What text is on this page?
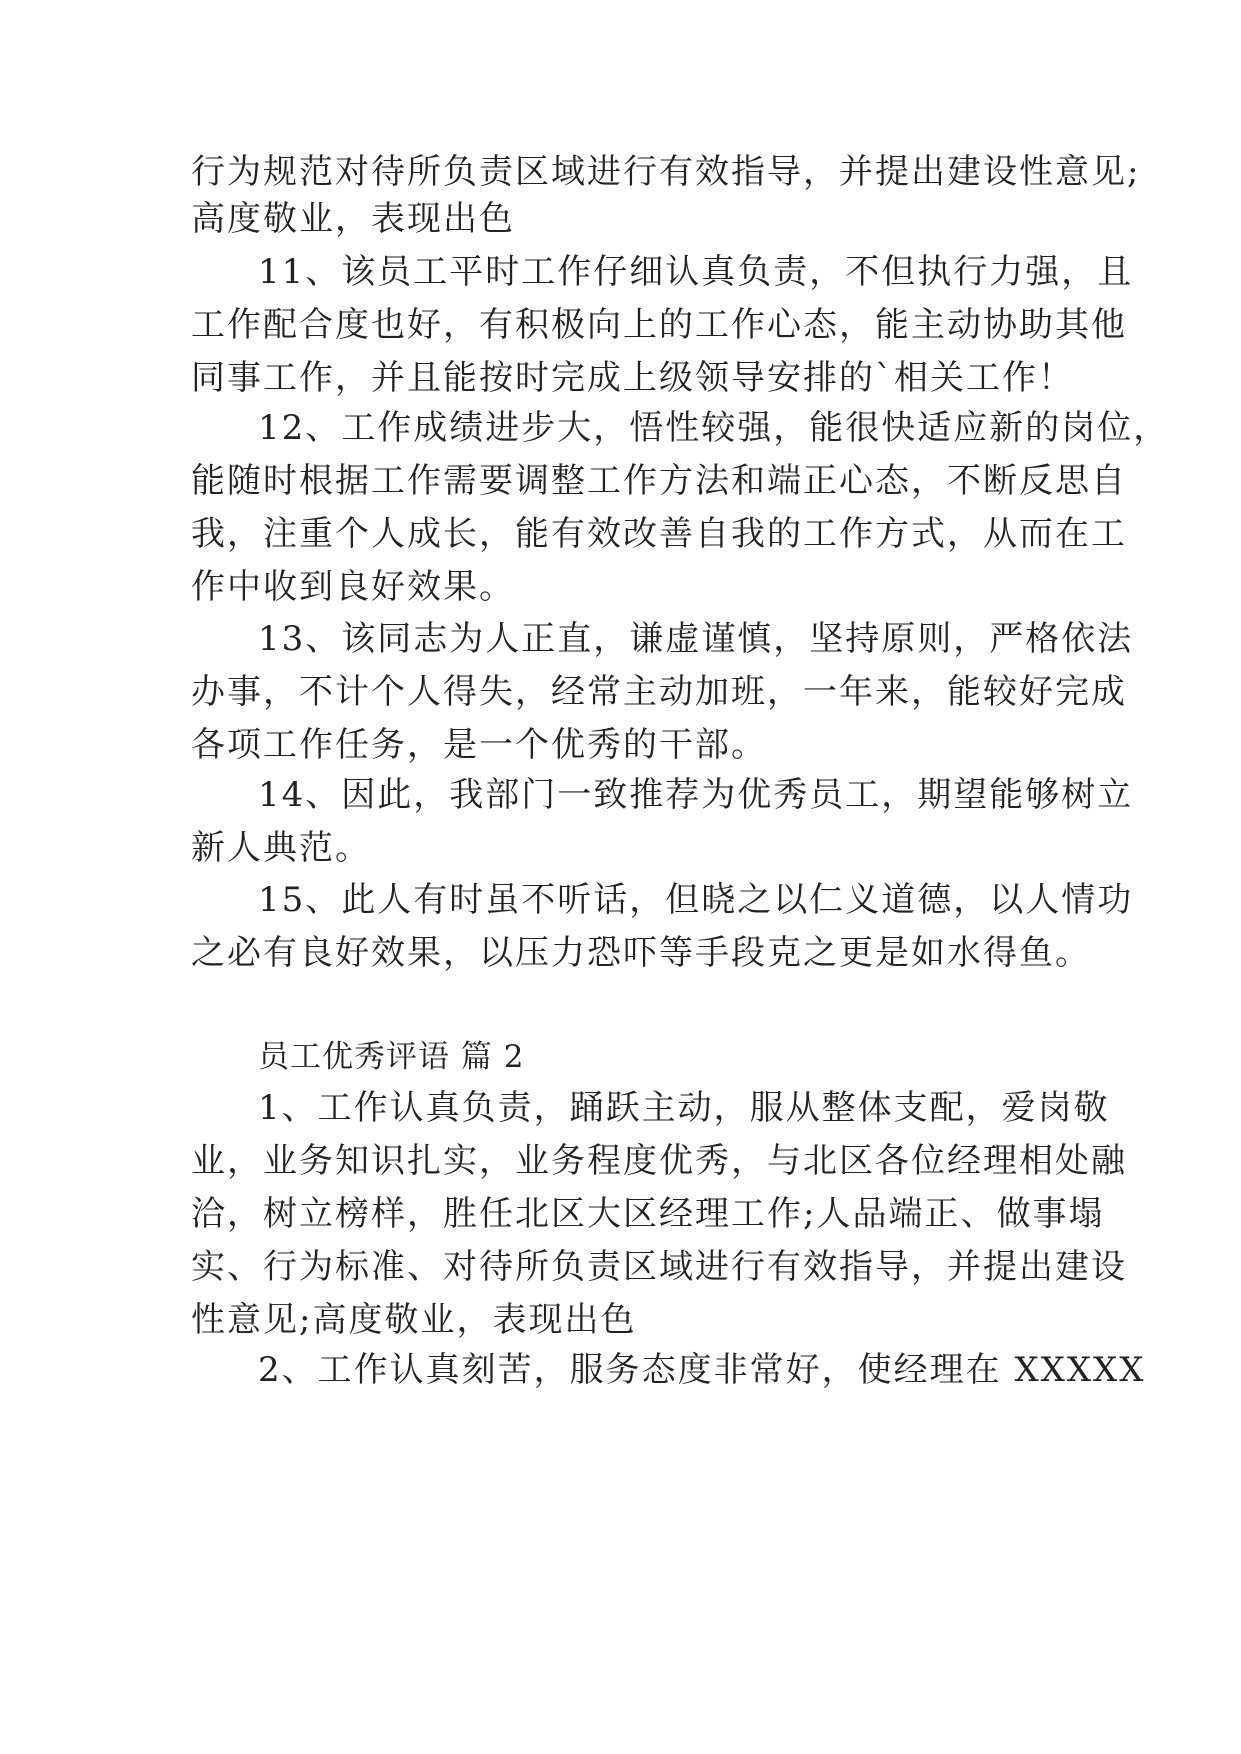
行为规范对待所负责区域进行有效指导，并提出建设性意见;
高度敬业，表现出色
11、该员工平时工作仔细认真负责，不但执行力强，且
工作配合度也好，有积极向上的工作心态，能主动协助其他
同事工作，并且能按时完成上级领导安排的`相关工作！
12、工作成绩进步大，悟性较强，能很快适应新的岗位，
能随时根据工作需要调整工作方法和端正心态，不断反思自
我，注重个人成长，能有效改善自我的工作方式，从而在工
作中收到良好效果。
13、该同志为人正直，谦虚谨慎，坚持原则，严格依法
办事，不计个人得失，经常主动加班，一年来，能较好完成
各项工作任务，是一个优秀的干部。
14、因此，我部门一致推荐为优秀员工，期望能够树立
新人典范。
15、此人有时虽不听话，但晓之以仁义道德，以人情功
之必有良好效果，以压力恐吓等手段克之更是如水得鱼。
员工优秀评语 篇 2
1、工作认真负责，踊跃主动，服从整体支配，爱岗敬
业，业务知识扎实，业务程度优秀，与北区各位经理相处融
洽，树立榜样，胜任北区大区经理工作;人品端正、做事塌
实、行为标准、对待所负责区域进行有效指导，并提出建设
性意见;高度敬业，表现出色
2、工作认真刻苦，服务态度非常好，使经理在 XXXXX
